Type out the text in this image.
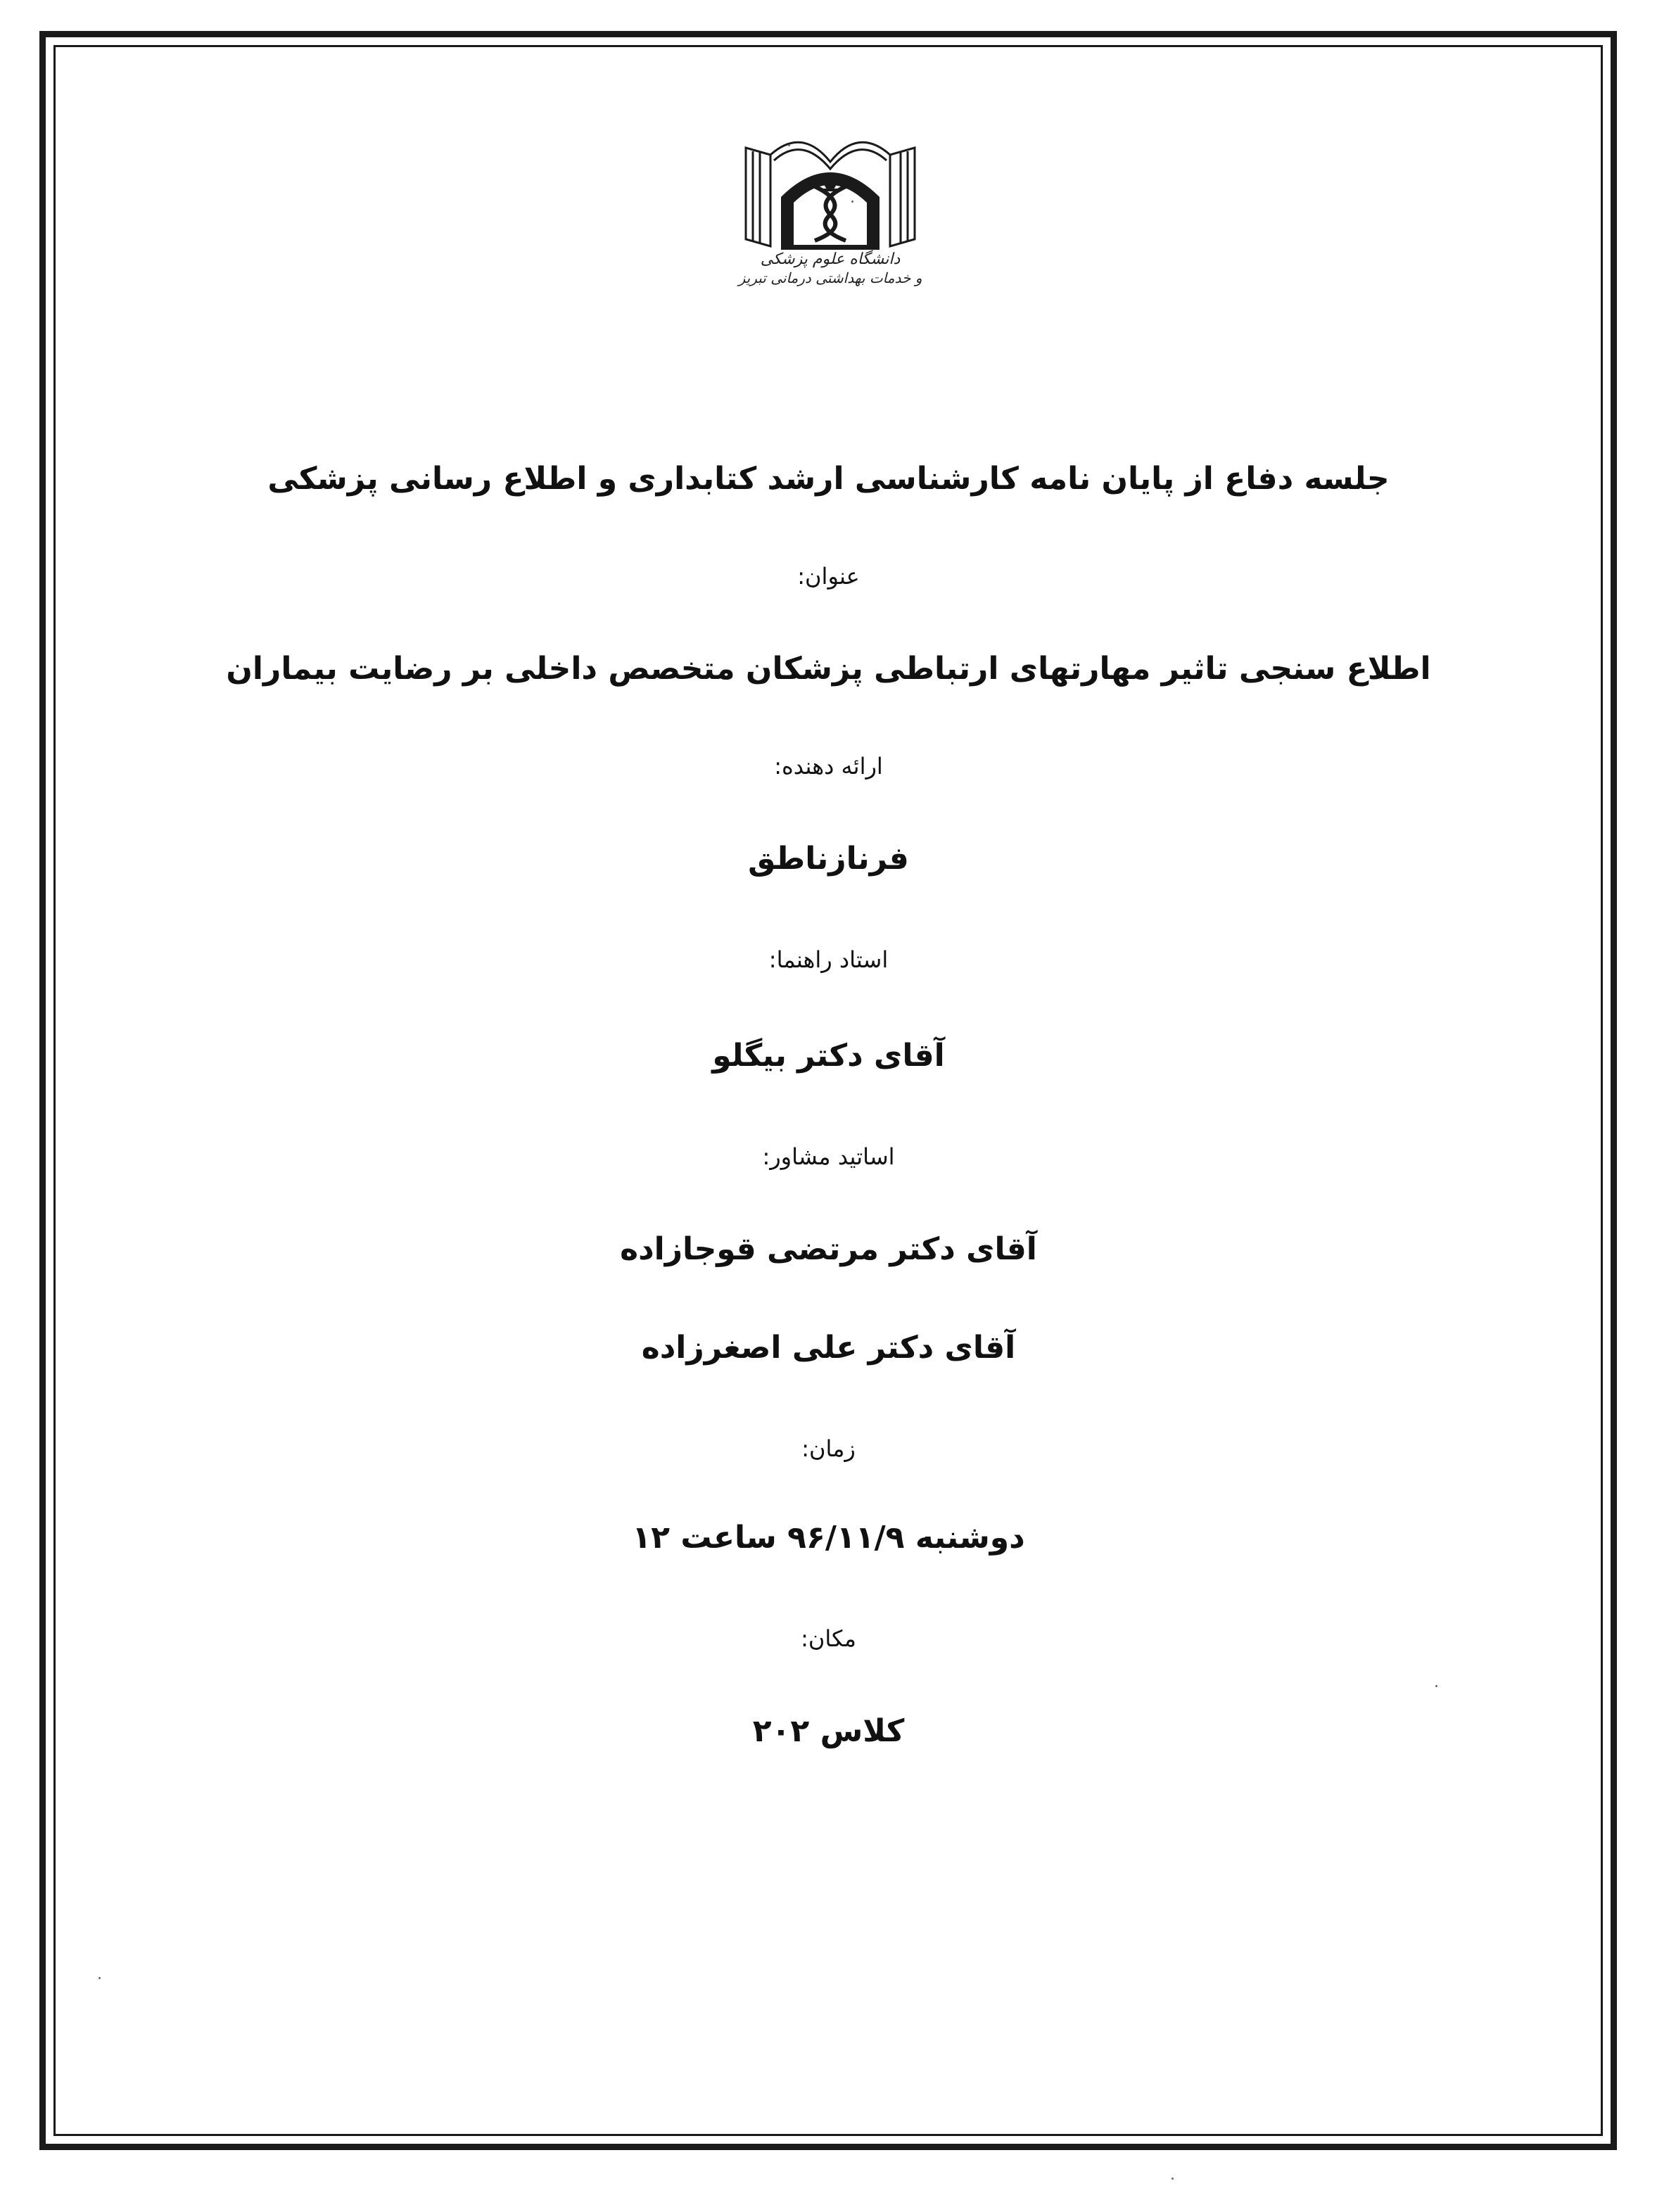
دانشگاه علوم پزشکی
و خدمات بهداشتی درمانی تبریز
جلسه دفاع از پایان نامه کارشناسی ارشد کتابداری و اطلاع رسانی پزشکی
عنوان:
اطلاع سنجی تاثیر مهارتهای ارتباطی پزشکان متخصص داخلی بر رضایت بیماران
ارائه دهنده:
فرنازناطق
استاد راهنما:
آقای دکتر بیگلو
اساتید مشاور:
آقای دکتر مرتضی قوجازاده
آقای دکتر علی اصغرزاده
زمان:
دوشنبه ۹۶/۱۱/۹ ساعت ۱۲
مکان:
کلاس ۲۰۲
